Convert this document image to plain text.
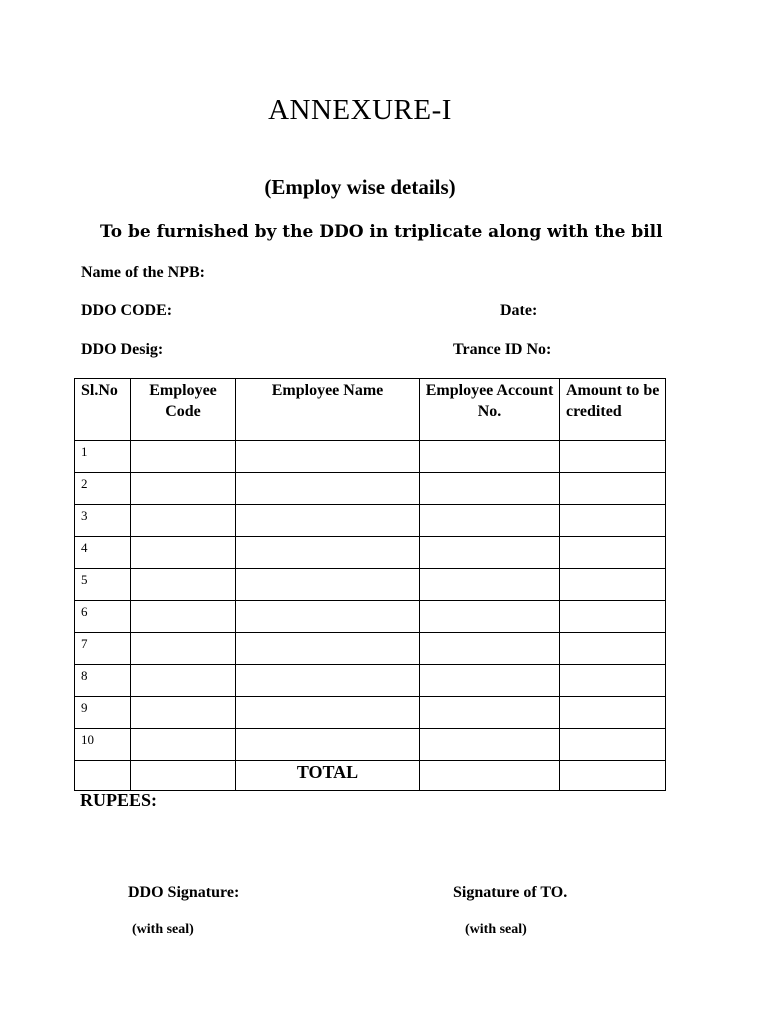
ANNEXURE-I
(Employ wise details)
To be furnished by the DDO in triplicate along with the bill
Name of the NPB:
DDO CODE:	Date:
DDO Desig:	Trance ID No:
Sl.No	Employee Code	Employee Name	Employee Account No.	Amount to be credited
1				
2				
3				
4				
5				
6				
7				
8				
9				
10				
		TOTAL		
RUPEES:
DDO Signature:	Signature of TO.
(with seal)	(with seal)
